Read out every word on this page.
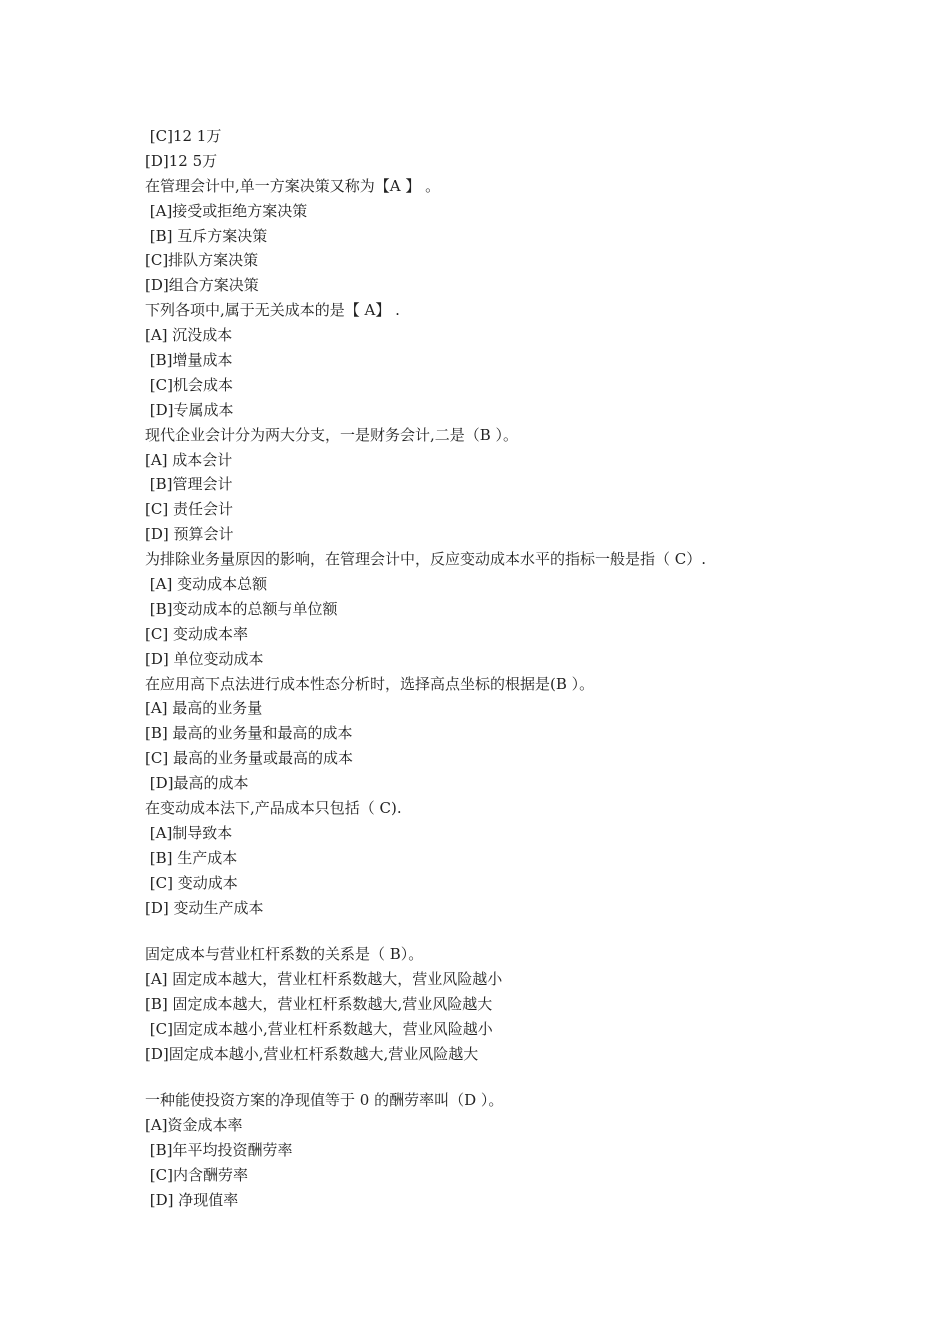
[C]12 1万
[D]12 5万
在管理会计中,单一方案决策又称为【A 】 。
[A]接受或拒绝方案决策
[B] 互斥方案决策
[C]排队方案决策
[D]组合方案决策
下列各项中,属于无关成本的是【 A】 .
[A] 沉没成本
[B]增量成本
[C]机会成本
[D]专属成本
现代企业会计分为两大分支，一是财务会计,二是（B ）。
[A] 成本会计
[B]管理会计
[C] 责任会计
[D] 预算会计
为排除业务量原因的影响，在管理会计中，反应变动成本水平的指标一般是指（ C）.
[A] 变动成本总额
[B]变动成本的总额与单位额
[C] 变动成本率
[D] 单位变动成本
在应用高下点法进行成本性态分析时，选择高点坐标的根据是(B ）。
[A] 最高的业务量
[B] 最高的业务量和最高的成本
[C] 最高的业务量或最高的成本
[D]最高的成本
在变动成本法下,产品成本只包括（ C).
[A]制导致本
[B] 生产成本
[C] 变动成本
[D] 变动生产成本
固定成本与营业杠杆系数的关系是（ B）。
[A] 固定成本越大，营业杠杆系数越大，营业风险越小
[B] 固定成本越大，营业杠杆系数越大,营业风险越大
[C]固定成本越小,营业杠杆系数越大，营业风险越小
[D]固定成本越小,营业杠杆系数越大,营业风险越大
一种能使投资方案的净现值等于 0 的酬劳率叫（D ）。
[A]资金成本率
[B]年平均投资酬劳率
[C]内含酬劳率
[D] 净现值率
